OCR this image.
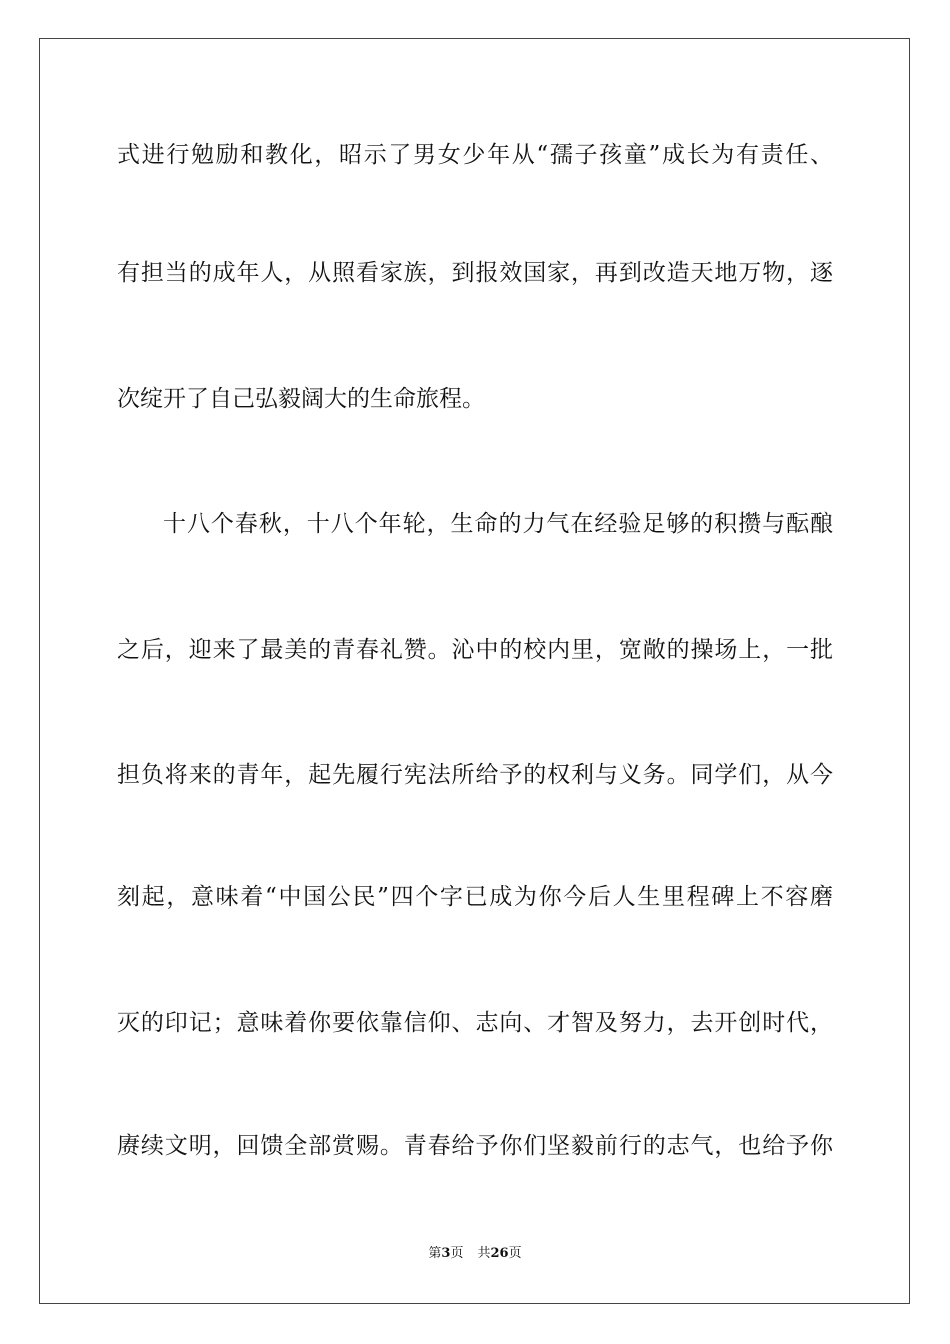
式进行勉励和教化，昭示了男女少年从“孺子孩童”成长为有责任、
有担当的成年人，从照看家族，到报效国家，再到改造天地万物，逐
次绽开了自己弘毅阔大的生命旅程。
十八个春秋，十八个年轮，生命的力气在经验足够的积攒与酝酿
之后，迎来了最美的青春礼赞。沁中的校内里，宽敞的操场上，一批
担负将来的青年，起先履行宪法所给予的权利与义务。同学们，从今
刻起，意味着“中国公民”四个字已成为你今后人生里程碑上不容磨
灭的印记；意味着你要依靠信仰、志向、才智及努力，去开创时代，
赓续文明，回馈全部赏赐。青春给予你们坚毅前行的志气，也给予你
第3页 共26页
